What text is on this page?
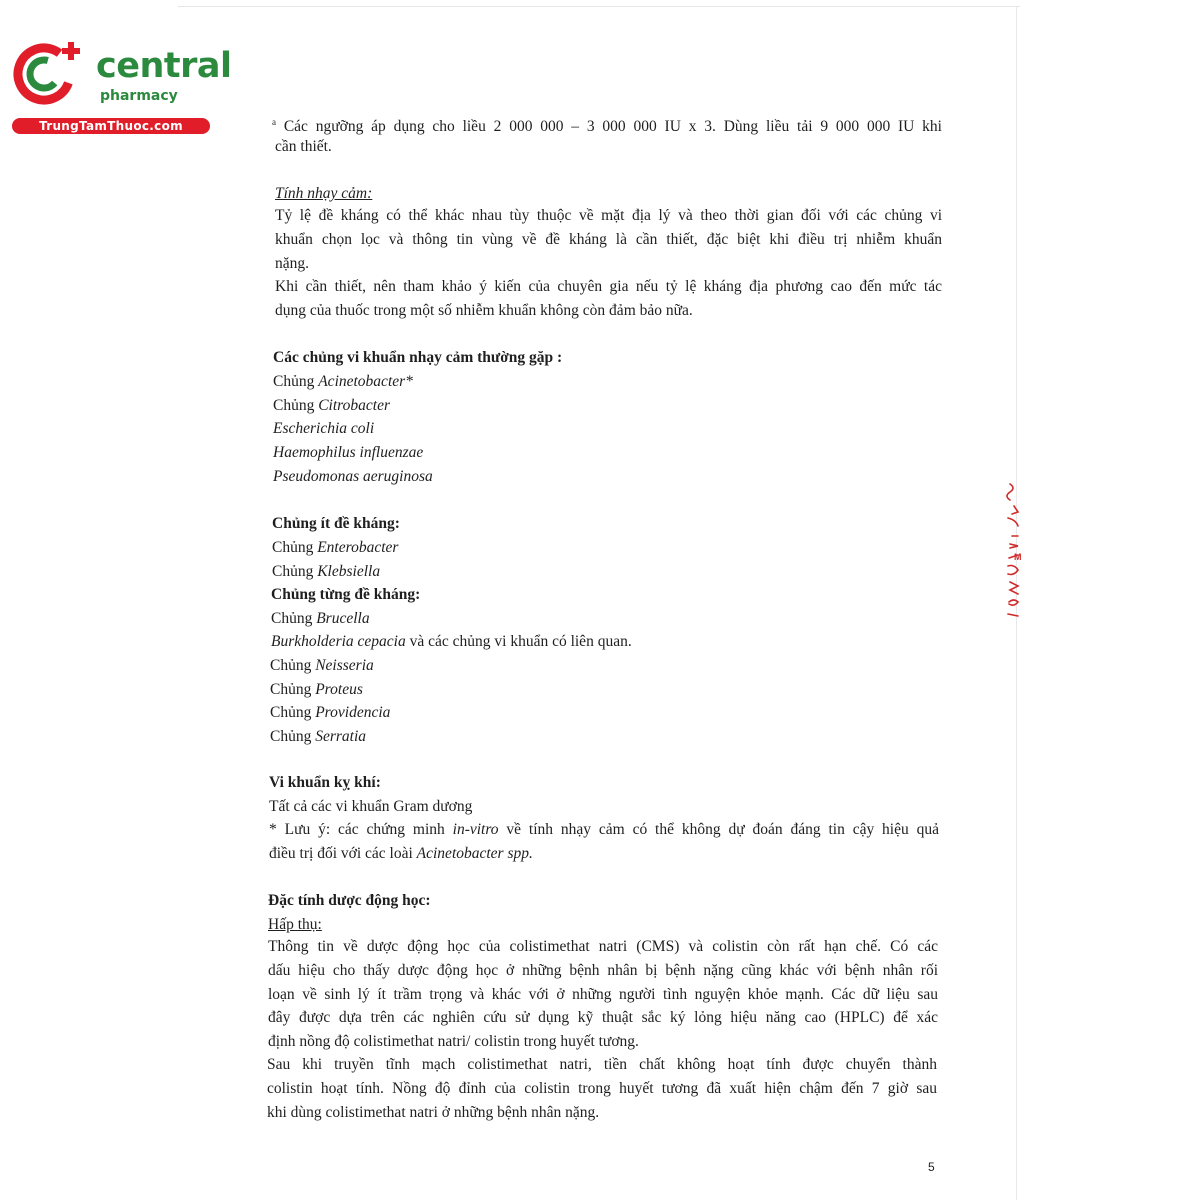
central
pharmacy
TrungTamThuoc.com	$^a$ Các ngưỡng áp dụng cho liều 2 000 000 – 3 000 000 IU x 3. Dùng liều tải 9 000 000 IU khi
cần thiết.
Tính nhạy cảm:
Tỷ lệ đề kháng có thể khác nhau tùy thuộc về mặt địa lý và theo thời gian đối với các chủng vi
khuẩn chọn lọc và thông tin vùng về đề kháng là cần thiết, đặc biệt khi điều trị nhiễm khuẩn
nặng.
Khi cần thiết, nên tham khảo ý kiến của chuyên gia nếu tỷ lệ kháng địa phương cao đến mức tác
dụng của thuốc trong một số nhiễm khuẩn không còn đảm bảo nữa.
Các chủng vi khuẩn nhạy cảm thường gặp :
Chủng Acinetobacter*
Chủng Citrobacter
Escherichia coli
Haemophilus influenzae
Pseudomonas aeruginosa
Chủng ít đề kháng:
Chủng Enterobacter
Chủng Klebsiella
Chủng từng đề kháng:
Chủng Brucella
Burkholderia cepacia và các chủng vi khuẩn có liên quan.
Chủng Neisseria
Chủng Proteus
Chủng Providencia
Chủng Serratia
Vi khuẩn kỵ khí:
Tất cả các vi khuẩn Gram dương
* Lưu ý: các chứng minh in-vitro về tính nhạy cảm có thể không dự đoán đáng tin cậy hiệu quả
điều trị đối với các loài Acinetobacter spp.
Đặc tính dược động học:
Hấp thụ:
Thông tin về dược động học của colistimethat natri (CMS) và colistin còn rất hạn chế. Có các
dấu hiệu cho thấy dược động học ở những bệnh nhân bị bệnh nặng cũng khác với bệnh nhân rối
loạn về sinh lý ít trầm trọng và khác với ở những người tình nguyện khỏe mạnh. Các dữ liệu sau
đây được dựa trên các nghiên cứu sử dụng kỹ thuật sắc ký lỏng hiệu năng cao (HPLC) để xác
định nồng độ colistimethat natri/ colistin trong huyết tương.
Sau khi truyền tĩnh mạch colistimethat natri, tiền chất không hoạt tính được chuyển thành
colistin hoạt tính. Nồng độ đỉnh của colistin trong huyết tương đã xuất hiện chậm đến 7 giờ sau
khi dùng colistimethat natri ở những bệnh nhân nặng.
5
M
